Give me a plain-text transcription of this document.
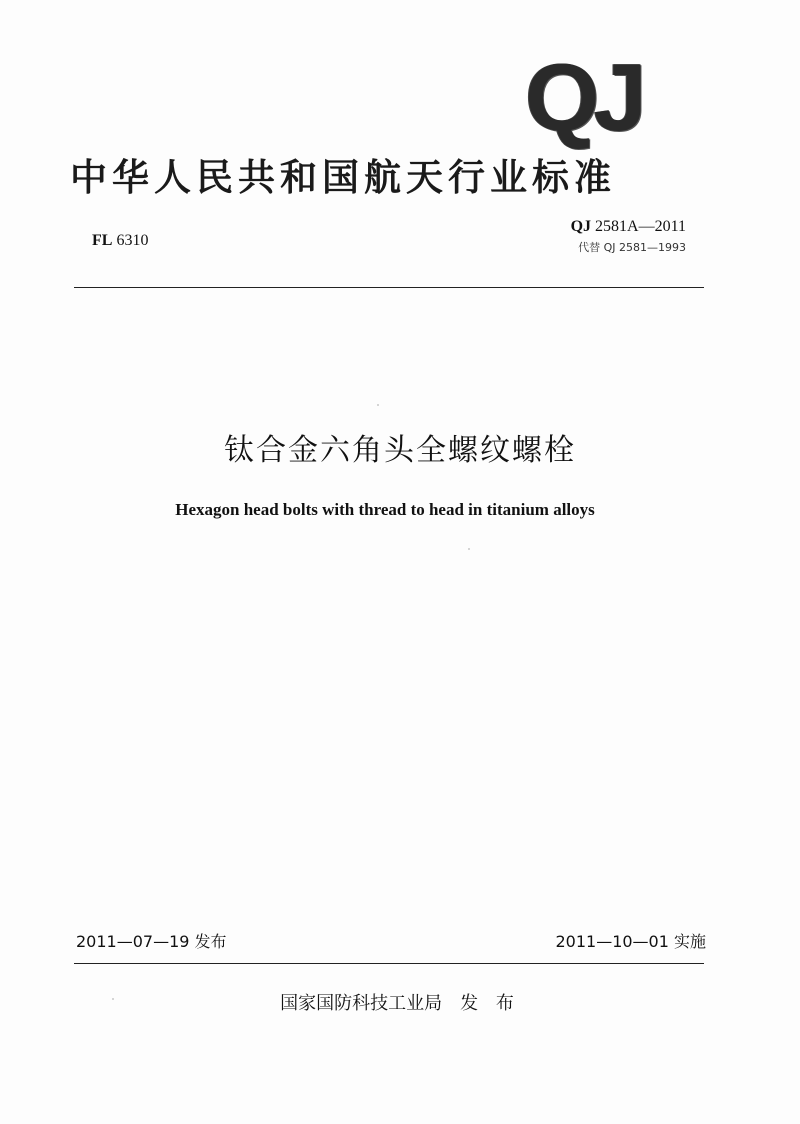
QJ
中华人民共和国航天行业标准
FL 6310
QJ 2581A—2011
代替 QJ 2581—1993
钛合金六角头全螺纹螺栓
Hexagon head bolts with thread to head in titanium alloys
2011—07—19 发布	2011—10—01 实施
国家国防科技工业局 发 布
